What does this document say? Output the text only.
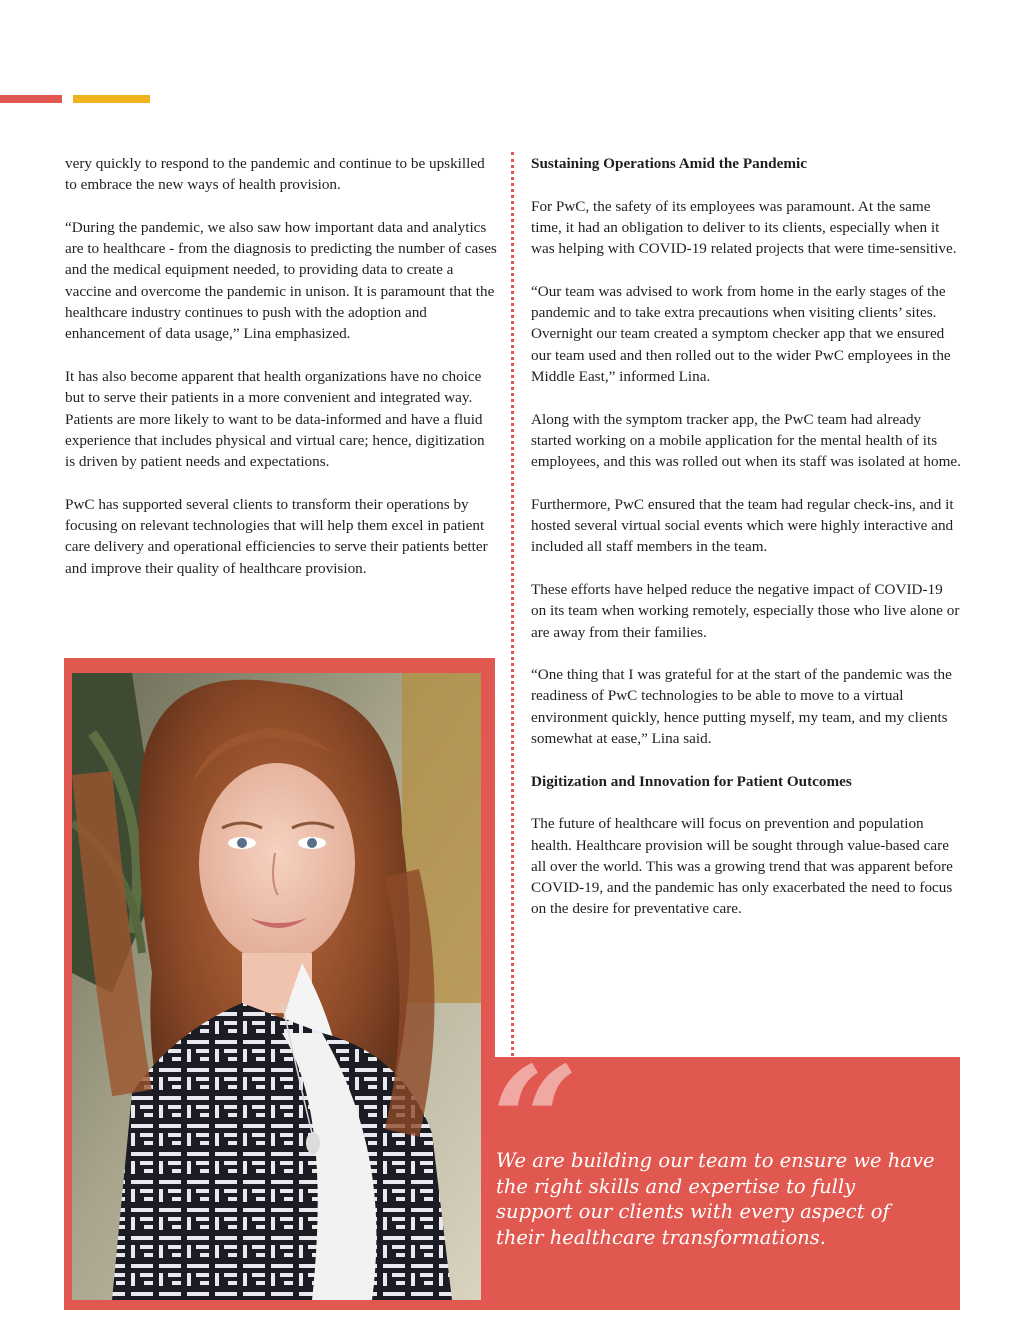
very quickly to respond to the pandemic and continue to be upskilled to embrace the new ways of health provision.

“During the pandemic, we also saw how important data and analytics are to healthcare - from the diagnosis to predicting the number of cases and the medical equipment needed, to providing data to create a vaccine and overcome the pandemic in unison. It is paramount that the healthcare industry continues to push with the adoption and enhancement of data usage,” Lina emphasized.

It has also become apparent that health organizations have no choice but to serve their patients in a more convenient and integrated way. Patients are more likely to want to be data-informed and have a fluid experience that includes physical and virtual care; hence, digitization is driven by patient needs and expectations.

PwC has supported several clients to transform their operations by focusing on relevant technologies that will help them excel in patient care delivery and operational efficiencies to serve their patients better and improve their quality of healthcare provision.

Sustaining Operations Amid the Pandemic

For PwC, the safety of its employees was paramount. At the same time, it had an obligation to deliver to its clients, especially when it was helping with COVID-19 related projects that were time-sensitive.

“Our team was advised to work from home in the early stages of the pandemic and to take extra precautions when visiting clients’ sites. Overnight our team created a symptom checker app that we ensured our team used and then rolled out to the wider PwC employees in the Middle East,” informed Lina.

Along with the symptom tracker app, the PwC team had already started working on a mobile application for the mental health of its employees, and this was rolled out when its staff was isolated at home.

Furthermore, PwC ensured that the team had regular check-ins, and it hosted several virtual social events which were highly interactive and included all staff members in the team.

These efforts have helped reduce the negative impact of COVID-19 on its team when working remotely, especially those who live alone or are away from their families.

“One thing that I was grateful for at the start of the pandemic was the readiness of PwC technologies to be able to move to a virtual environment quickly, hence putting myself, my team, and my clients somewhat at ease,” Lina said.

Digitization and Innovation for Patient Outcomes

The future of healthcare will focus on prevention and population health. Healthcare provision will be sought through value-based care all over the world. This was a growing trend that was apparent before COVID-19, and the pandemic has only exacerbated the need to focus on the desire for preventative care.

“
We are building our team to ensure we have the right skills and expertise to fully support our clients with every aspect of their healthcare transformations.
